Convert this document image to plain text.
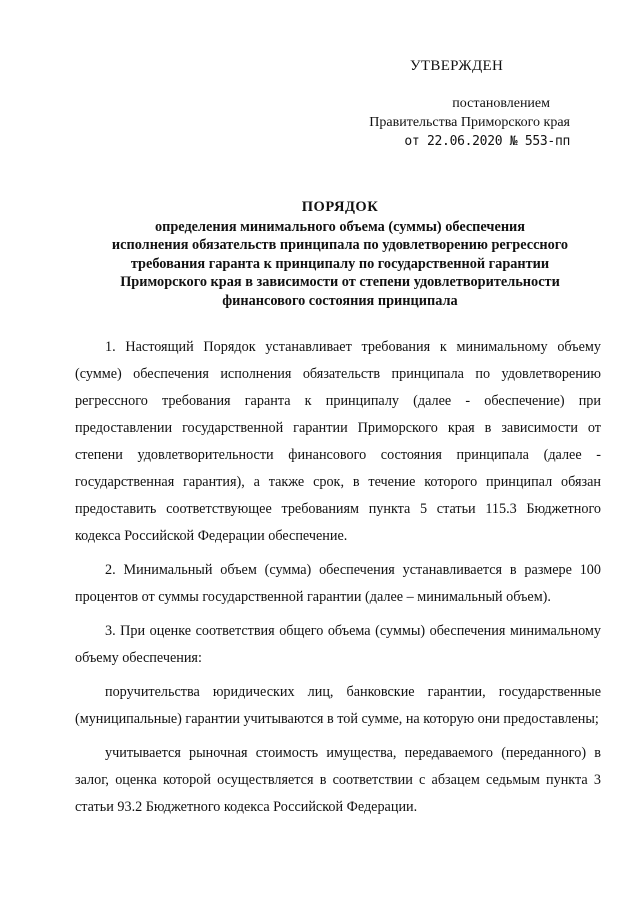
УТВЕРЖДЕН
постановлением
Правительства Приморского края
от 22.06.2020 № 553-пп
ПОРЯДОК
определения минимального объема (суммы) обеспечения
исполнения обязательств принципала по удовлетворению регрессного
требования гаранта к принципалу по государственной гарантии
Приморского края в зависимости от степени удовлетворительности
финансового состояния принципала

1. Настоящий Порядок устанавливает требования к минимальному объему (сумме) обеспечения исполнения обязательств принципала по удовлетворению регрессного требования гаранта к принципалу (далее - обеспечение) при предоставлении государственной гарантии Приморского края в зависимости от степени удовлетворительности финансового состояния принципала (далее - государственная гарантия), а также срок, в течение которого принципал обязан предоставить соответствующее требованиям пункта 5 статьи 115.3 Бюджетного кодекса Российской Федерации обеспечение.

2. Минимальный объем (сумма) обеспечения устанавливается в размере 100 процентов от суммы государственной гарантии (далее – минимальный объем).

3. При оценке соответствия общего объема (суммы) обеспечения минимальному объему обеспечения:

поручительства юридических лиц, банковские гарантии, государственные (муниципальные) гарантии учитываются в той сумме, на которую они предоставлены;

учитывается рыночная стоимость имущества, передаваемого (переданного) в залог, оценка которой осуществляется в соответствии с абзацем седьмым пункта 3 статьи 93.2 Бюджетного кодекса Российской Федерации.
